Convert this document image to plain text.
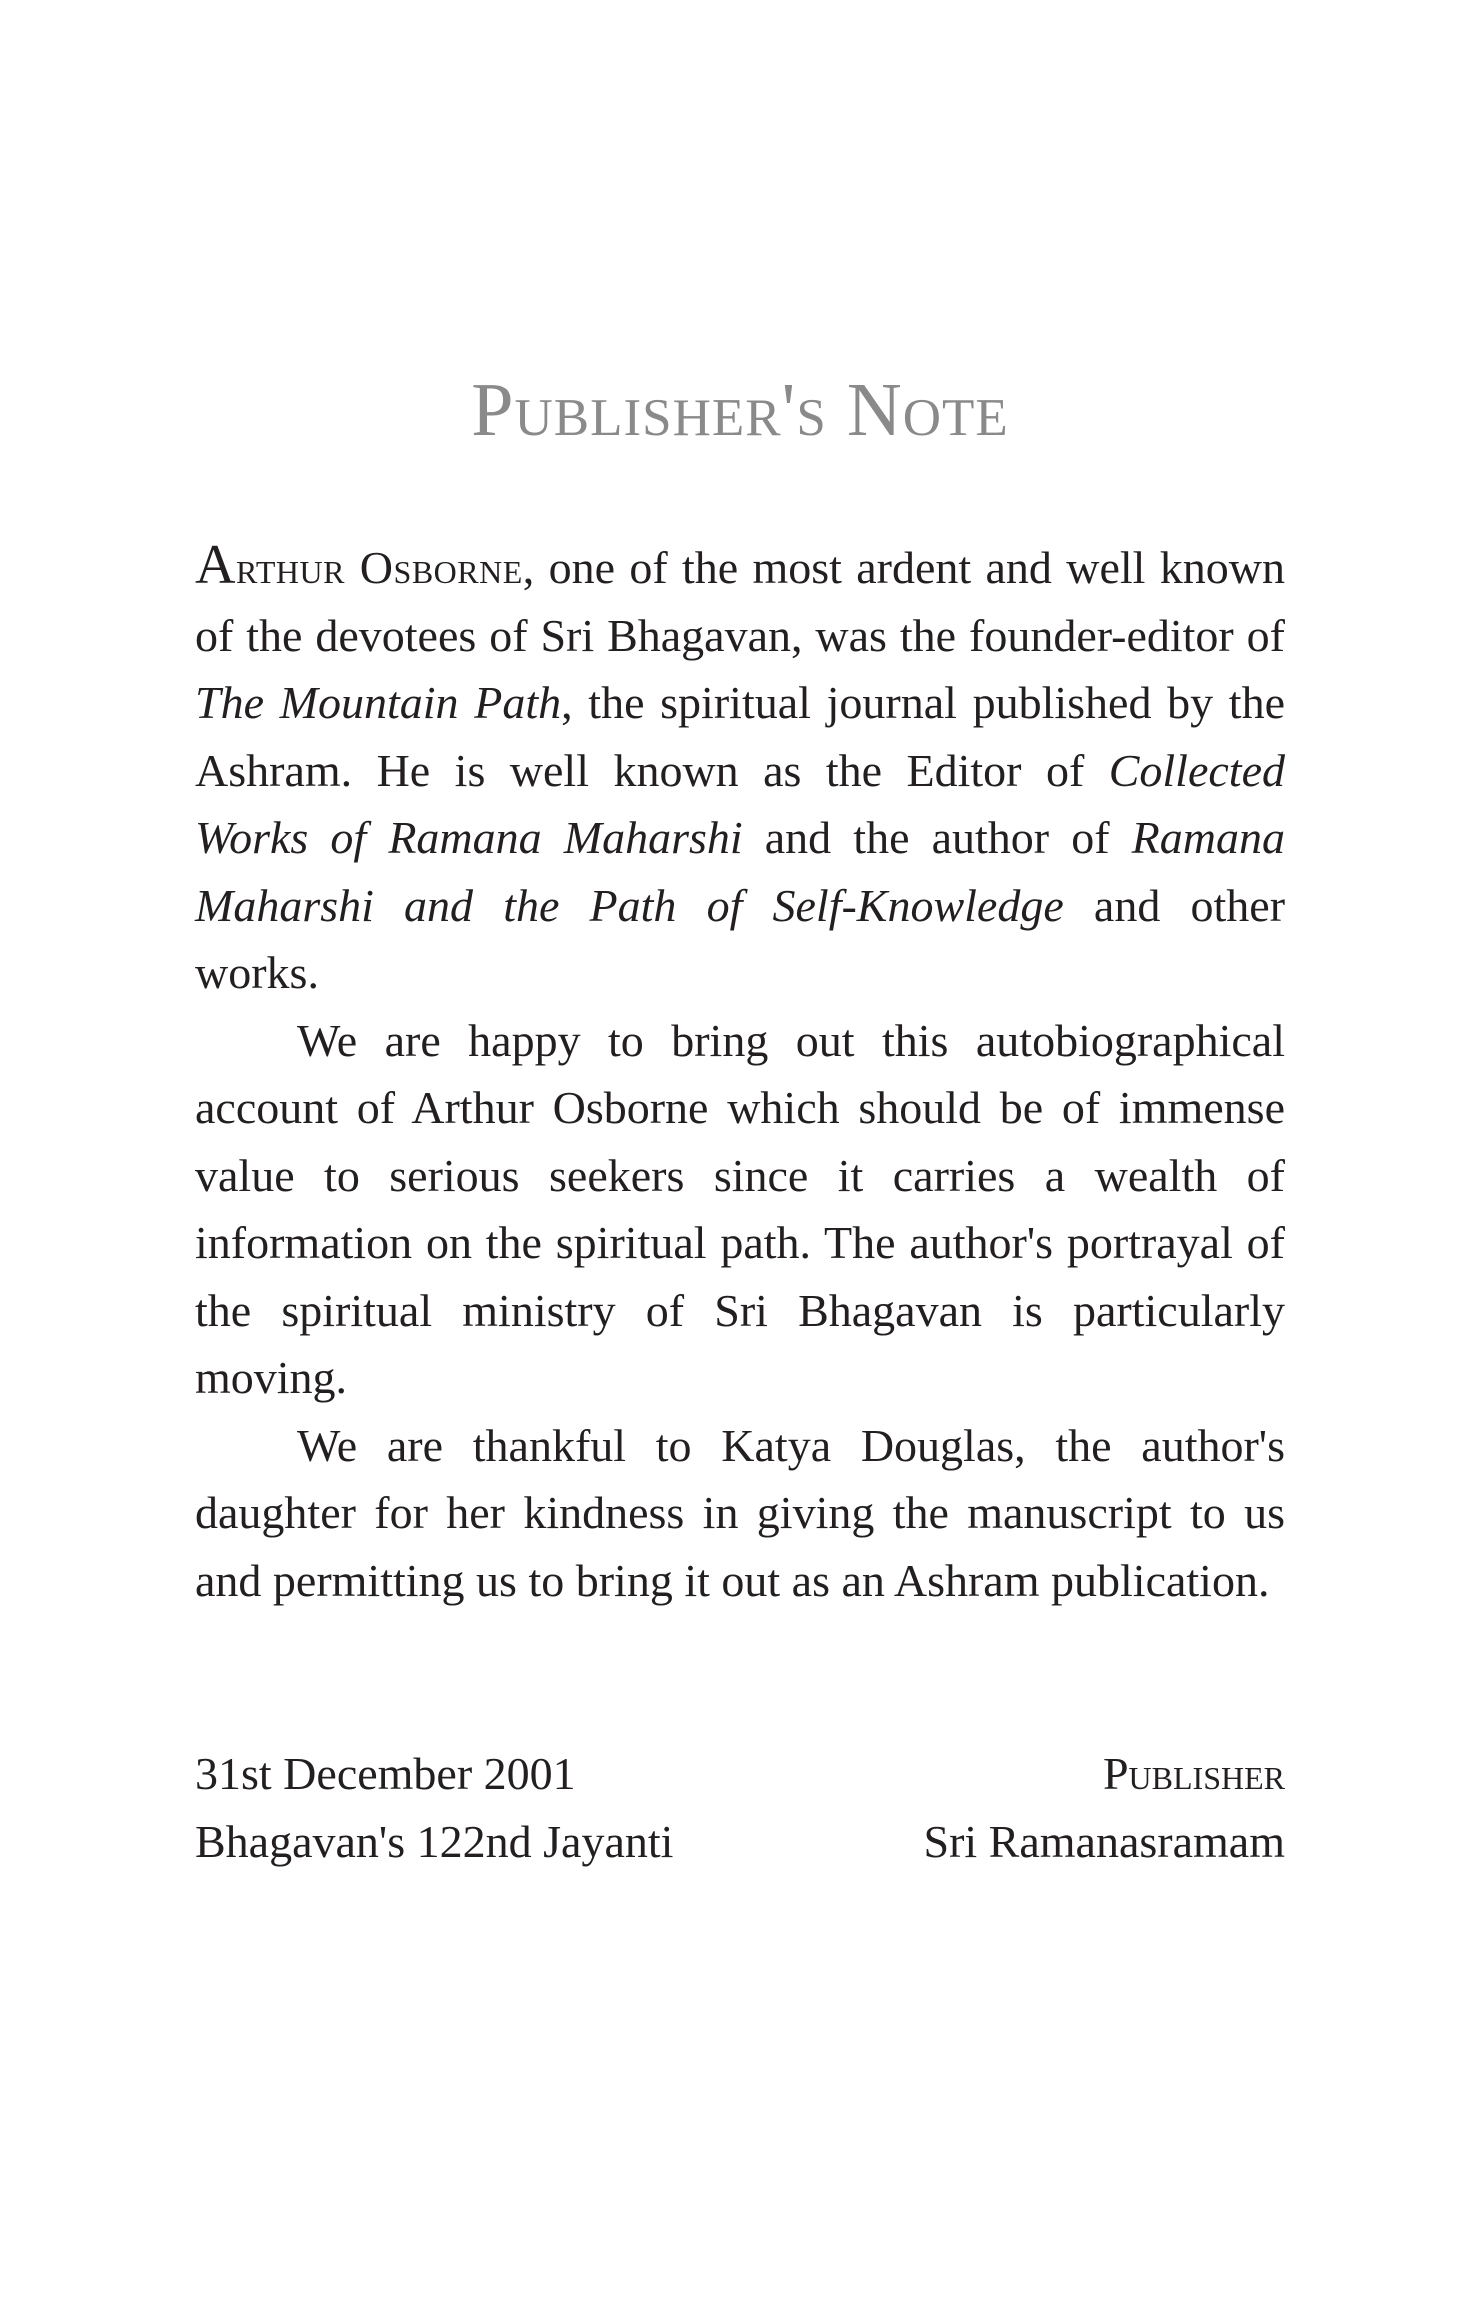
Publisher's Note

Arthur Osborne, one of the most ardent and well known of the devotees of Sri Bhagavan, was the founder-editor of The Mountain Path, the spiritual journal published by the Ashram. He is well known as the Editor of Collected Works of Ramana Maharshi and the author of Ramana Maharshi and the Path of Self-Knowledge and other works.

We are happy to bring out this autobiographical account of Arthur Osborne which should be of immense value to serious seekers since it carries a wealth of information on the spiritual path. The author's portrayal of the spiritual ministry of Sri Bhagavan is particularly moving.

We are thankful to Katya Douglas, the author's daughter for her kindness in giving the manuscript to us and permitting us to bring it out as an Ashram publication.

31st December 2001	Publisher
Bhagavan's 122nd Jayanti	Sri Ramanasramam
